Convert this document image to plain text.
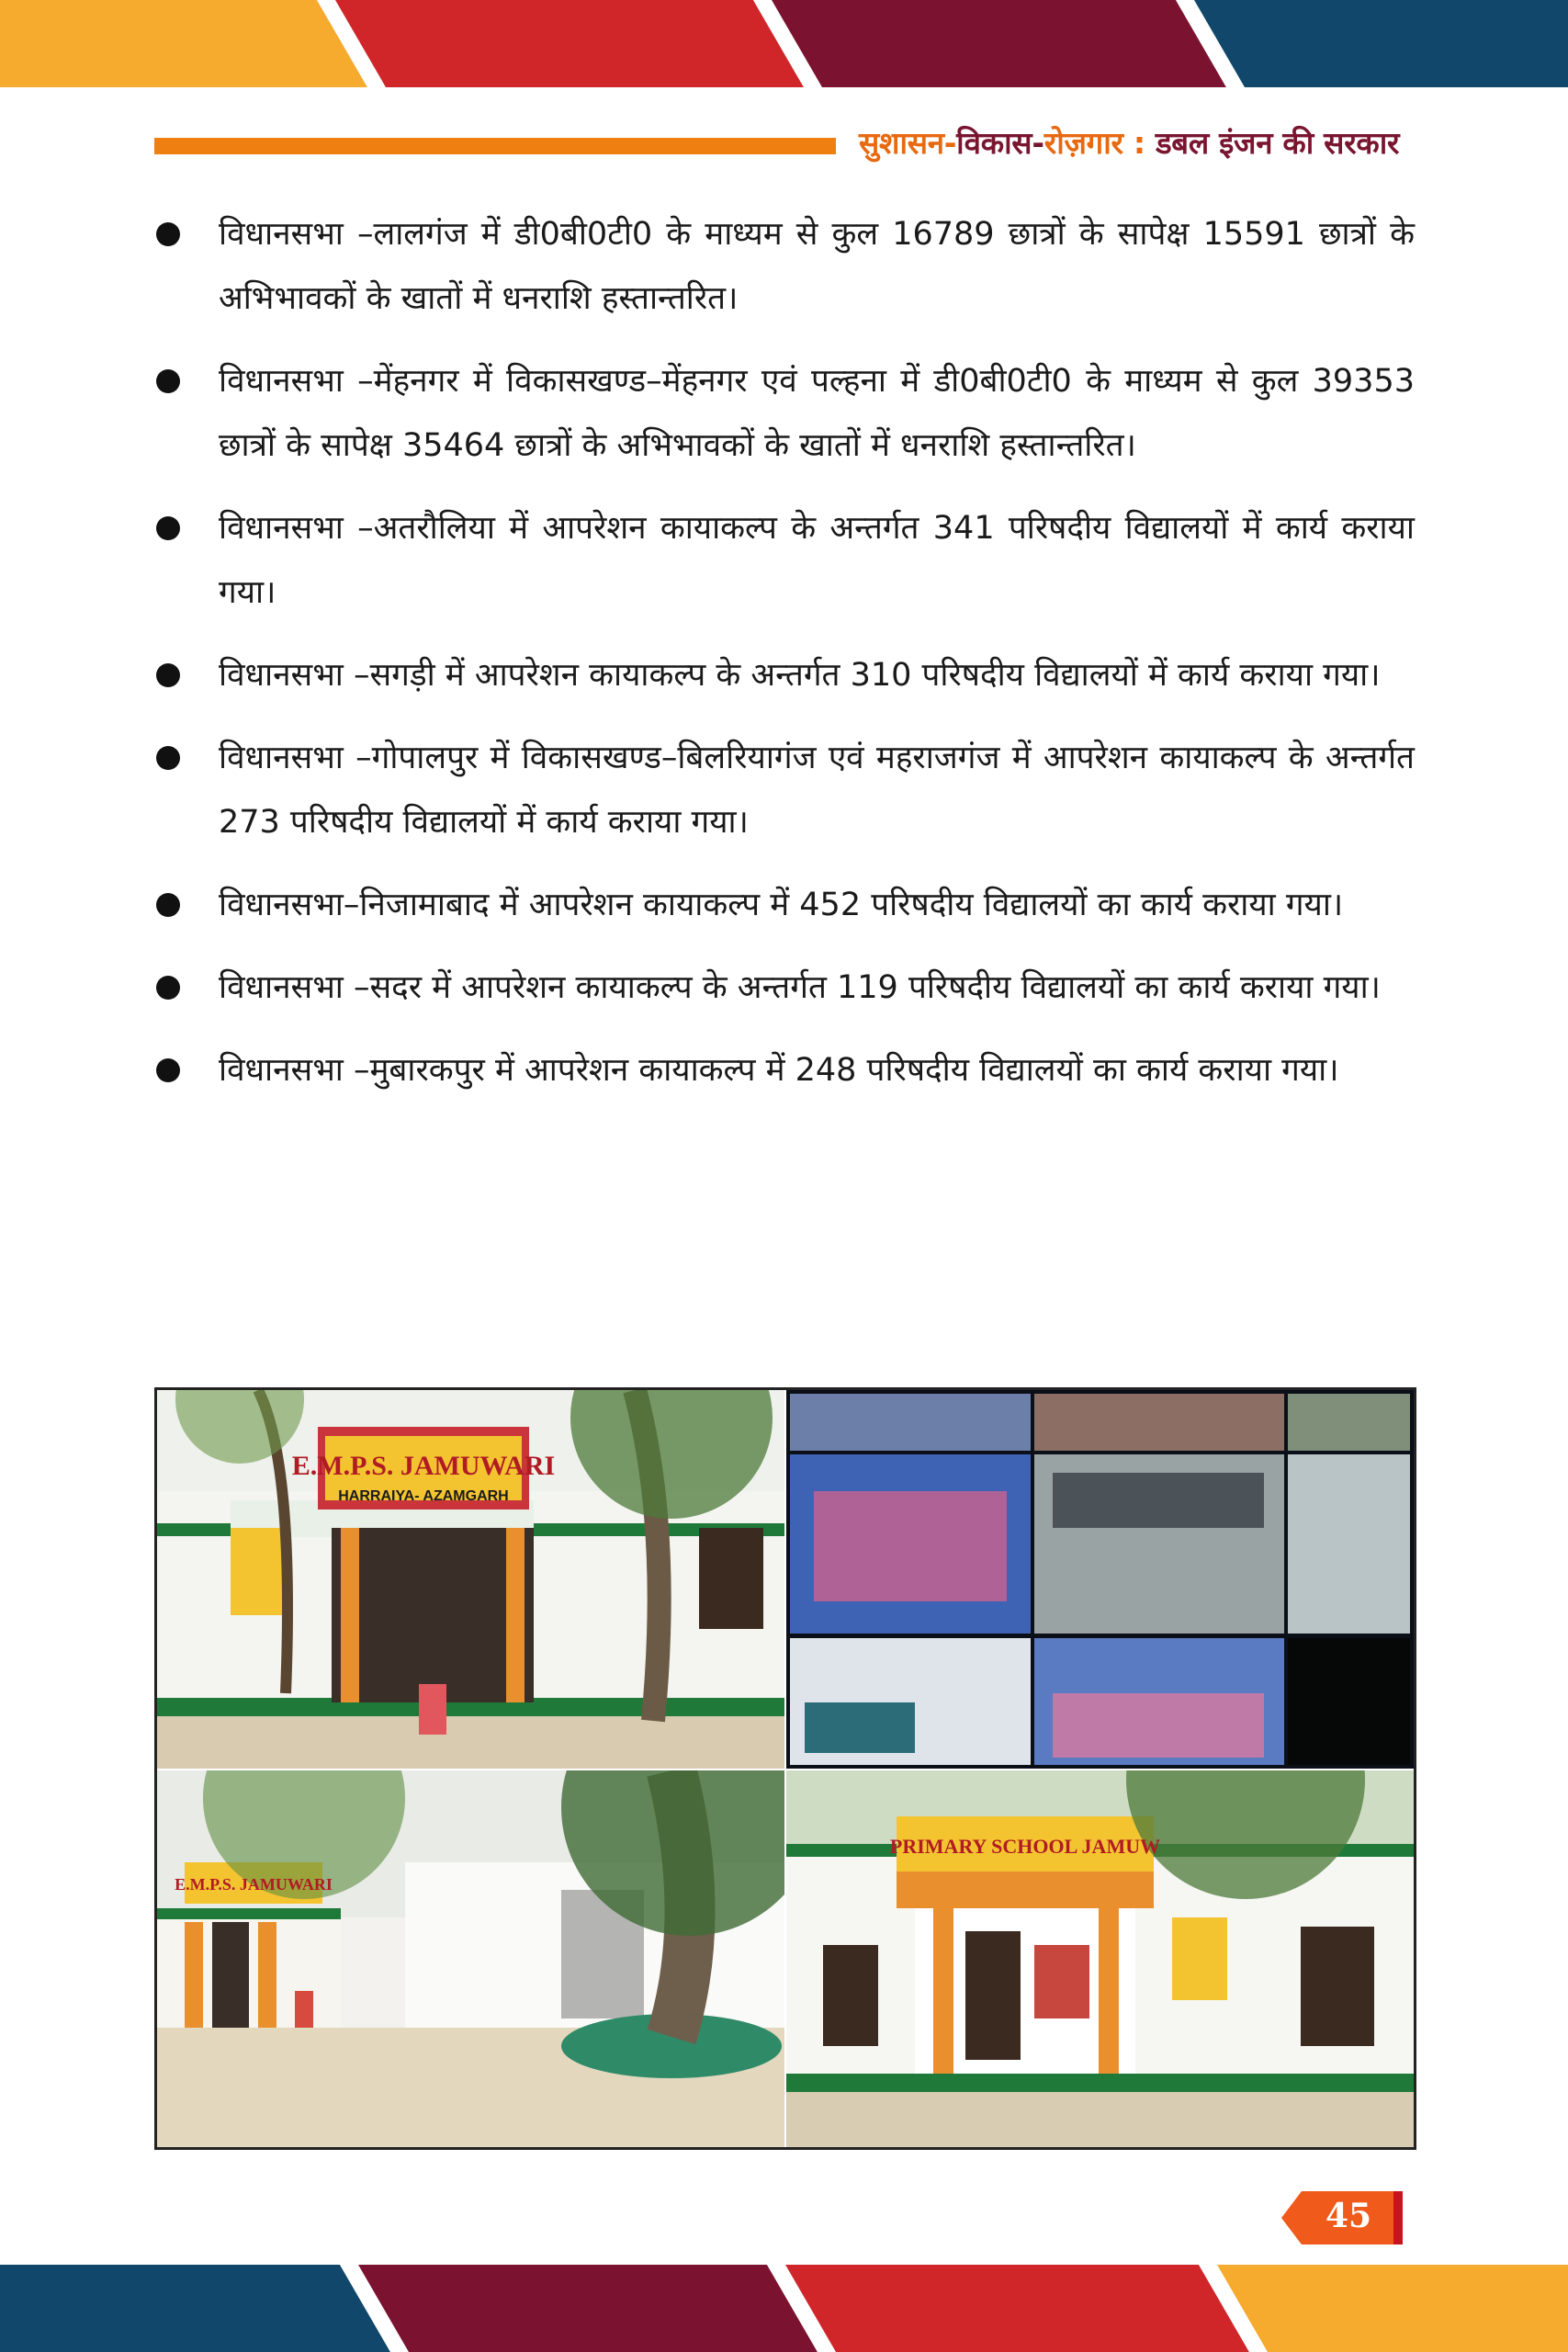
सुशासन-विकास-रोज़गार : डबल इंजन की सरकार
विधानसभा –लालगंज में डी0बी0टी0 के माध्यम से कुल 16789 छात्रों के सापेक्ष 15591 छात्रों के अभिभावकों के खातों में धनराशि हस्तान्तरित।
विधानसभा –मेंहनगर में विकासखण्ड–मेंहनगर एवं पल्हना में डी0बी0टी0 के माध्यम से कुल 39353 छात्रों के सापेक्ष 35464 छात्रों के अभिभावकों के खातों में धनराशि हस्तान्तरित।
विधानसभा –अतरौलिया में आपरेशन कायाकल्प के अन्तर्गत 341 परिषदीय विद्यालयों में कार्य कराया गया।
विधानसभा –सगड़ी में आपरेशन कायाकल्प के अन्तर्गत 310 परिषदीय विद्यालयों में कार्य कराया गया।
विधानसभा –गोपालपुर में विकासखण्ड–बिलरियागंज एवं महराजगंज में आपरेशन कायाकल्प के अन्तर्गत 273 परिषदीय विद्यालयों में कार्य कराया गया।
विधानसभा–निजामाबाद में आपरेशन कायाकल्प में 452 परिषदीय विद्यालयों का कार्य कराया गया।
विधानसभा –सदर में आपरेशन कायाकल्प के अन्तर्गत 119 परिषदीय विद्यालयों का कार्य कराया गया।
विधानसभा –मुबारकपुर में आपरेशन कायाकल्प में 248 परिषदीय विद्यालयों का कार्य कराया गया।
E.M.P.S. JAMUWARI
HARRAIYA- AZAMGARH
E.M.P.S. JAMUWARI
PRIMARY SCHOOL JAMUW
45
